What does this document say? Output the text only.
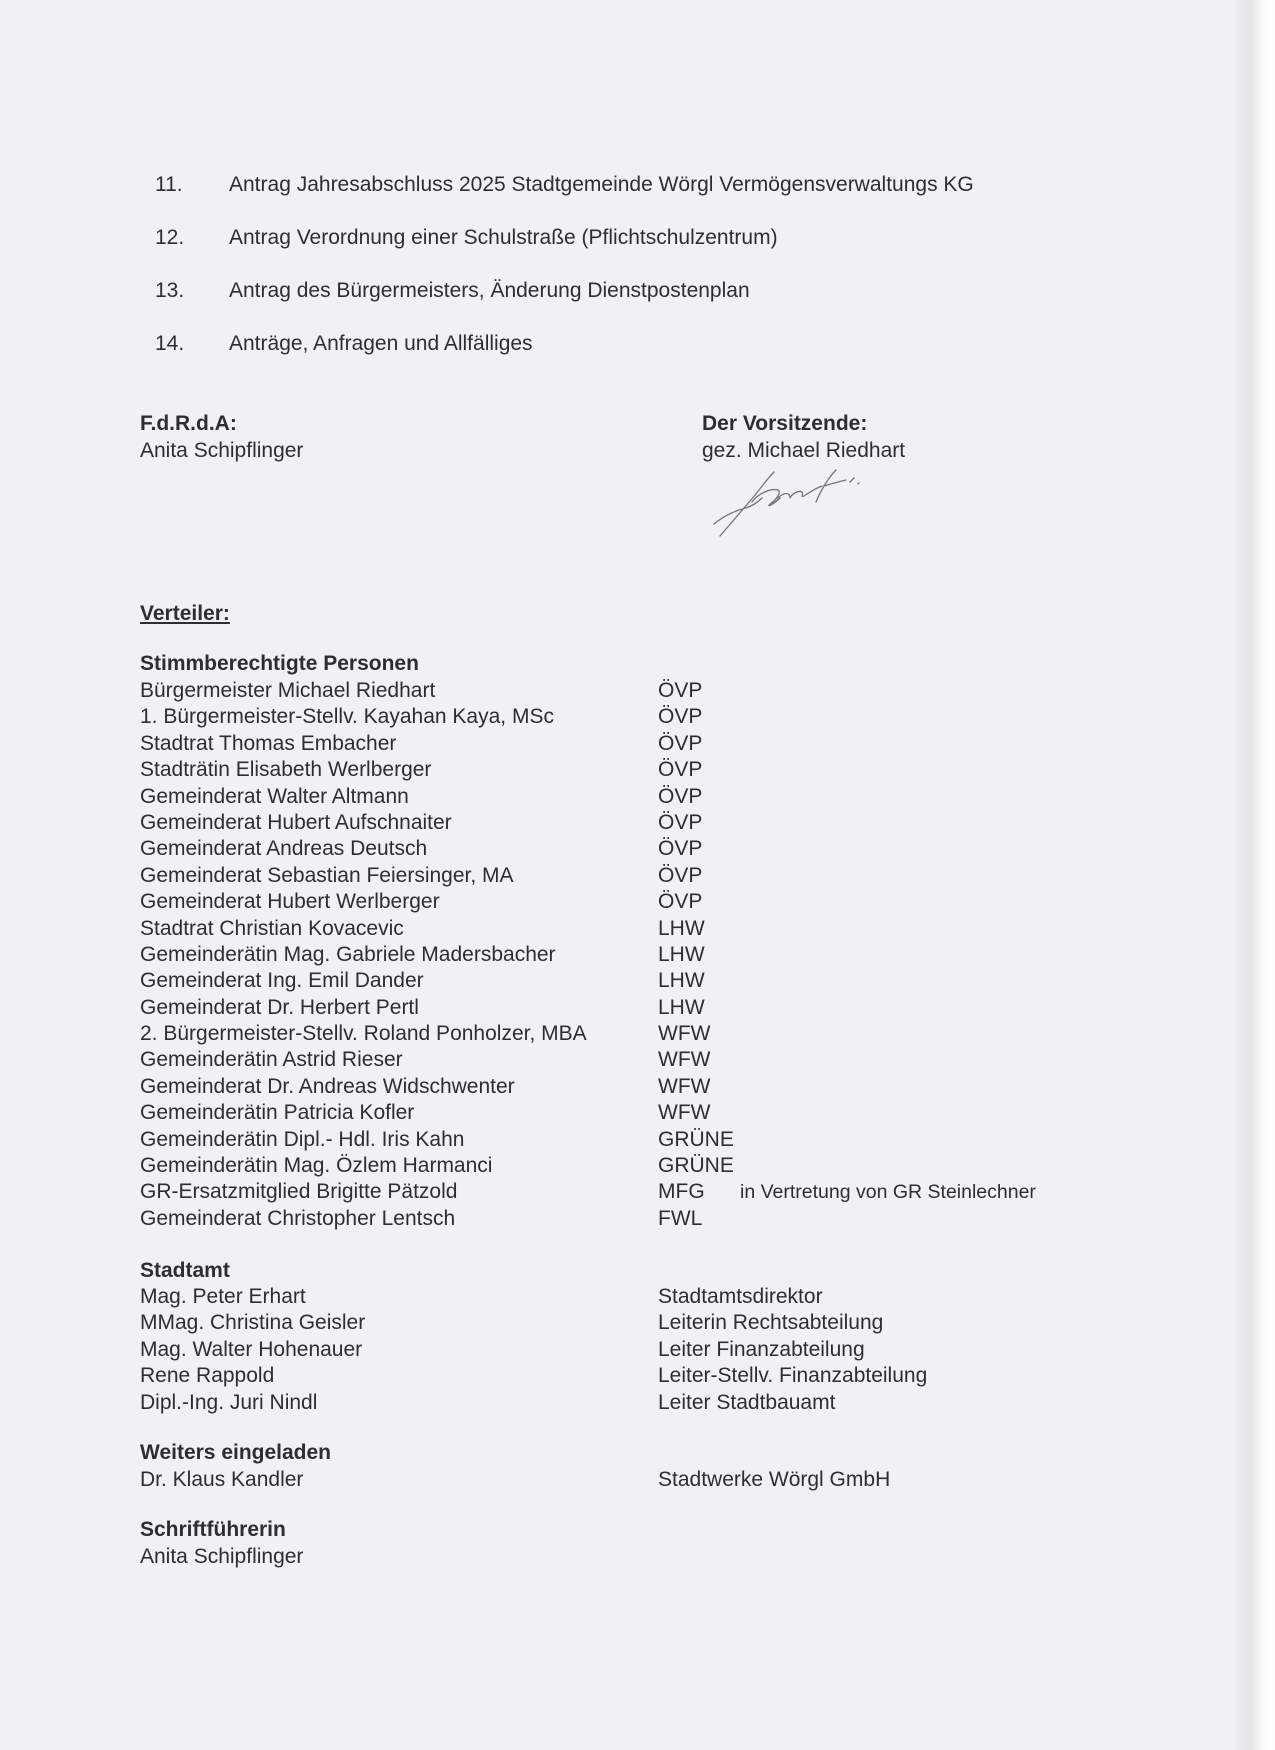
11.	Antrag Jahresabschluss 2025 Stadtgemeinde Wörgl Vermögensverwaltungs KG
12.	Antrag Verordnung einer Schulstraße (Pflichtschulzentrum)
13.	Antrag des Bürgermeisters, Änderung Dienstpostenplan
14.	Anträge, Anfragen und Allfälliges
F.d.R.d.A:
Anita Schipflinger
Der Vorsitzende:
gez. Michael Riedhart
Verteiler:
Stimmberechtigte Personen
Bürgermeister Michael Riedhart	ÖVP
1. Bürgermeister-Stellv. Kayahan Kaya, MSc	ÖVP
Stadtrat Thomas Embacher	ÖVP
Stadträtin Elisabeth Werlberger	ÖVP
Gemeinderat Walter Altmann	ÖVP
Gemeinderat Hubert Aufschnaiter	ÖVP
Gemeinderat Andreas Deutsch	ÖVP
Gemeinderat Sebastian Feiersinger, MA	ÖVP
Gemeinderat Hubert Werlberger	ÖVP
Stadtrat Christian Kovacevic	LHW
Gemeinderätin Mag. Gabriele Madersbacher	LHW
Gemeinderat Ing. Emil Dander	LHW
Gemeinderat Dr. Herbert Pertl	LHW
2. Bürgermeister-Stellv. Roland Ponholzer, MBA	WFW
Gemeinderätin Astrid Rieser	WFW
Gemeinderat Dr. Andreas Widschwenter	WFW
Gemeinderätin Patricia Kofler	WFW
Gemeinderätin Dipl.- Hdl. Iris Kahn	GRÜNE
Gemeinderätin Mag. Özlem Harmanci	GRÜNE
GR-Ersatzmitglied Brigitte Pätzold	MFG	in Vertretung von GR Steinlechner
Gemeinderat Christopher Lentsch	FWL
Stadtamt
Mag. Peter Erhart	Stadtamtsdirektor
MMag. Christina Geisler	Leiterin Rechtsabteilung
Mag. Walter Hohenauer	Leiter Finanzabteilung
Rene Rappold	Leiter-Stellv. Finanzabteilung
Dipl.-Ing. Juri Nindl	Leiter Stadtbauamt
Weiters eingeladen
Dr. Klaus Kandler	Stadtwerke Wörgl GmbH
Schriftführerin
Anita Schipflinger
